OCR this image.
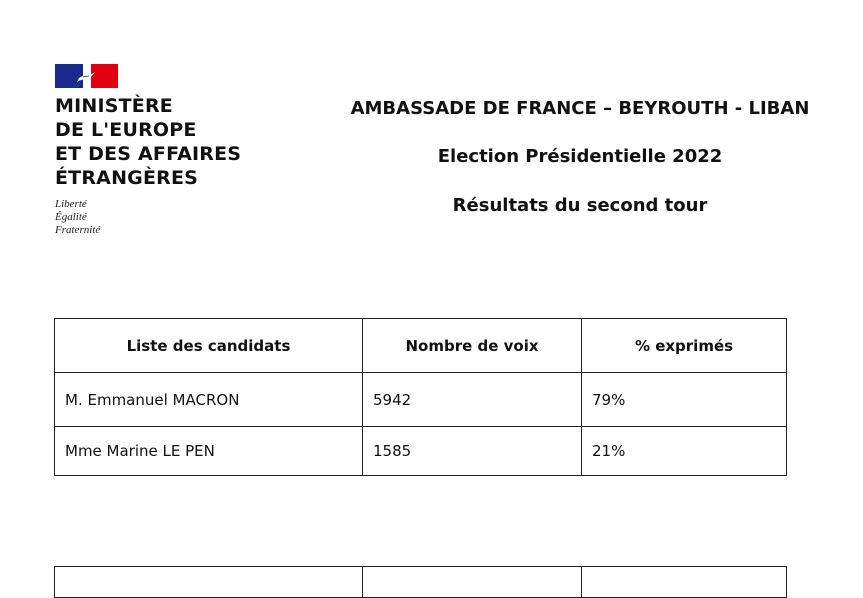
MINISTÈRE
DE L'EUROPE
ET DES AFFAIRES
ÉTRANGÈRES
Liberté
Égalité
Fraternité
AMBASSADE DE FRANCE – BEYROUTH - LIBAN
Election Présidentielle 2022
Résultats du second tour
Liste des candidats	Nombre de voix	% exprimés
M. Emmanuel MACRON	5942	79%
Mme Marine LE PEN	1585	21%
